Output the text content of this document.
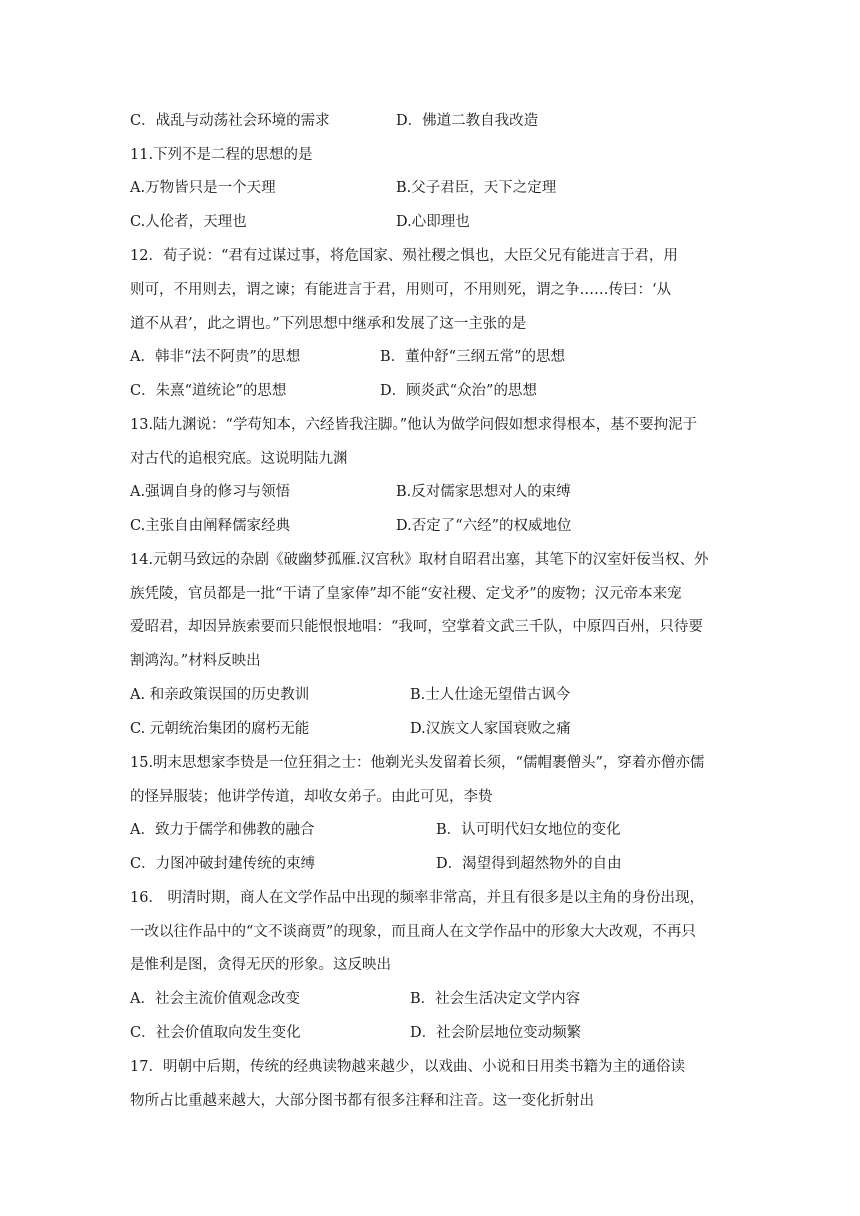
C．战乱与动荡社会环境的需求	D．佛道二教自我改造
11.下列不是二程的思想的是
A.万物皆只是一个天理	B.父子君臣，天下之定理
C.人伦者，天理也	D.心即理也
12．荀子说：“君有过谋过事，将危国家、殒社稷之惧也，大臣父兄有能进言于君，用
则可，不用则去，谓之谏；有能进言于君，用则可，不用则死，谓之争……传曰：‘从
道不从君’，此之谓也。”下列思想中继承和发展了这一主张的是
A．韩非“法不阿贵”的思想	B．董仲舒“三纲五常”的思想
C．朱熹“道统论”的思想	D．顾炎武“众治”的思想
13.陆九渊说：“学苟知本，六经皆我注脚。”他认为做学问假如想求得根本，基不要拘泥于
对古代的追根究底。这说明陆九渊
A.强调自身的修习与领悟	B.反对儒家思想对人的束缚
C.主张自由阐释儒家经典	D.否定了“六经”的权威地位
14.元朝马致远的杂剧《破幽梦孤雁.汉宫秋》取材自昭君出塞，其笔下的汉室奸佞当权、外
族凭陵，官员都是一批“干请了皇家俸”却不能“安社稷、定戈矛”的废物；汉元帝本来宠
爱昭君，却因异族索要而只能恨恨地唱：“我呵，空掌着文武三千队，中原四百州，只待要
割鸿沟。”材料反映出
A. 和亲政策误国的历史教训	B.士人仕途无望借古讽今
C. 元朝统治集团的腐朽无能	D.汉族文人家国衰败之痛
15.明末思想家李贽是一位狂狷之士：他剃光头发留着长须，“儒帽裹僧头”，穿着亦僧亦儒
的怪异服装；他讲学传道，却收女弟子。由此可见，李贽
A．致力于儒学和佛教的融合	B．认可明代妇女地位的变化
C．力图冲破封建传统的束缚	D．渴望得到超然物外的自由
16． 明清时期，商人在文学作品中出现的频率非常高，并且有很多是以主角的身份出现，
一改以往作品中的“文不谈商贾”的现象，而且商人在文学作品中的形象大大改观，不再只
是惟利是图，贪得无厌的形象。这反映出
A．社会主流价值观念改变	B．社会生活决定文学内容
C．社会价值取向发生变化	D．社会阶层地位变动频繁
17．明朝中后期，传统的经典读物越来越少，以戏曲、小说和日用类书籍为主的通俗读
物所占比重越来越大，大部分图书都有很多注释和注音。这一变化折射出
